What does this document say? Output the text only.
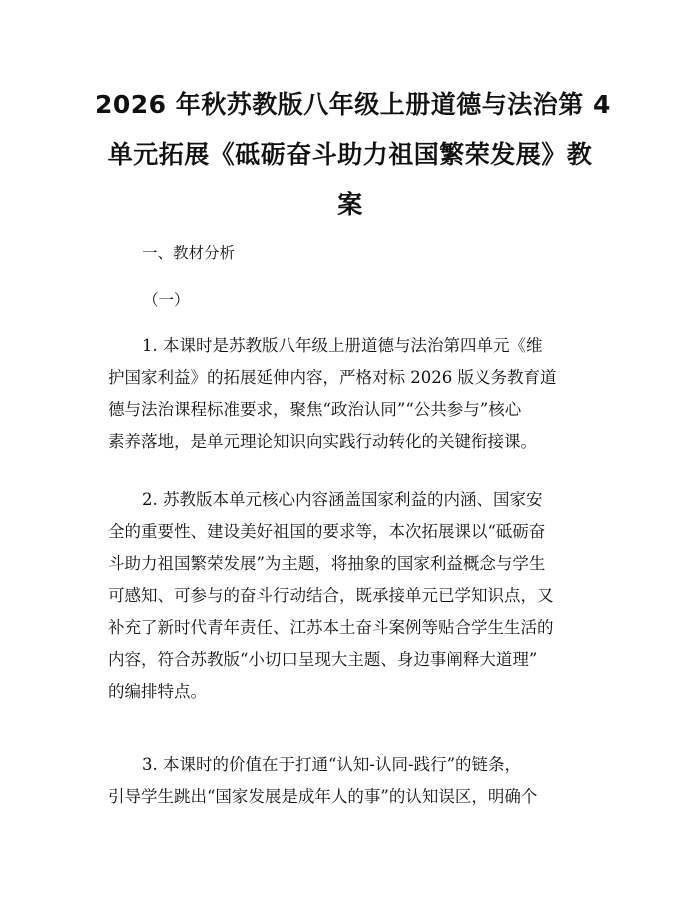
2026 年秋苏教版八年级上册道德与法治第 4
单元拓展《砥砺奋斗助力祖国繁荣发展》教
案

一、教材分析

（一）

1. 本课时是苏教版八年级上册道德与法治第四单元《维
护国家利益》的拓展延伸内容，严格对标 2026 版义务教育道
德与法治课程标准要求，聚焦“政治认同”“公共参与”核心
素养落地，是单元理论知识向实践行动转化的关键衔接课。
2. 苏教版本单元核心内容涵盖国家利益的内涵、国家安
全的重要性、建设美好祖国的要求等，本次拓展课以“砥砺奋
斗助力祖国繁荣发展”为主题，将抽象的国家利益概念与学生
可感知、可参与的奋斗行动结合，既承接单元已学知识点，又
补充了新时代青年责任、江苏本土奋斗案例等贴合学生生活的
内容，符合苏教版“小切口呈现大主题、身边事阐释大道理”
的编排特点。
3. 本课时的价值在于打通“认知-认同-践行”的链条，
引导学生跳出“国家发展是成年人的事”的认知误区，明确个
